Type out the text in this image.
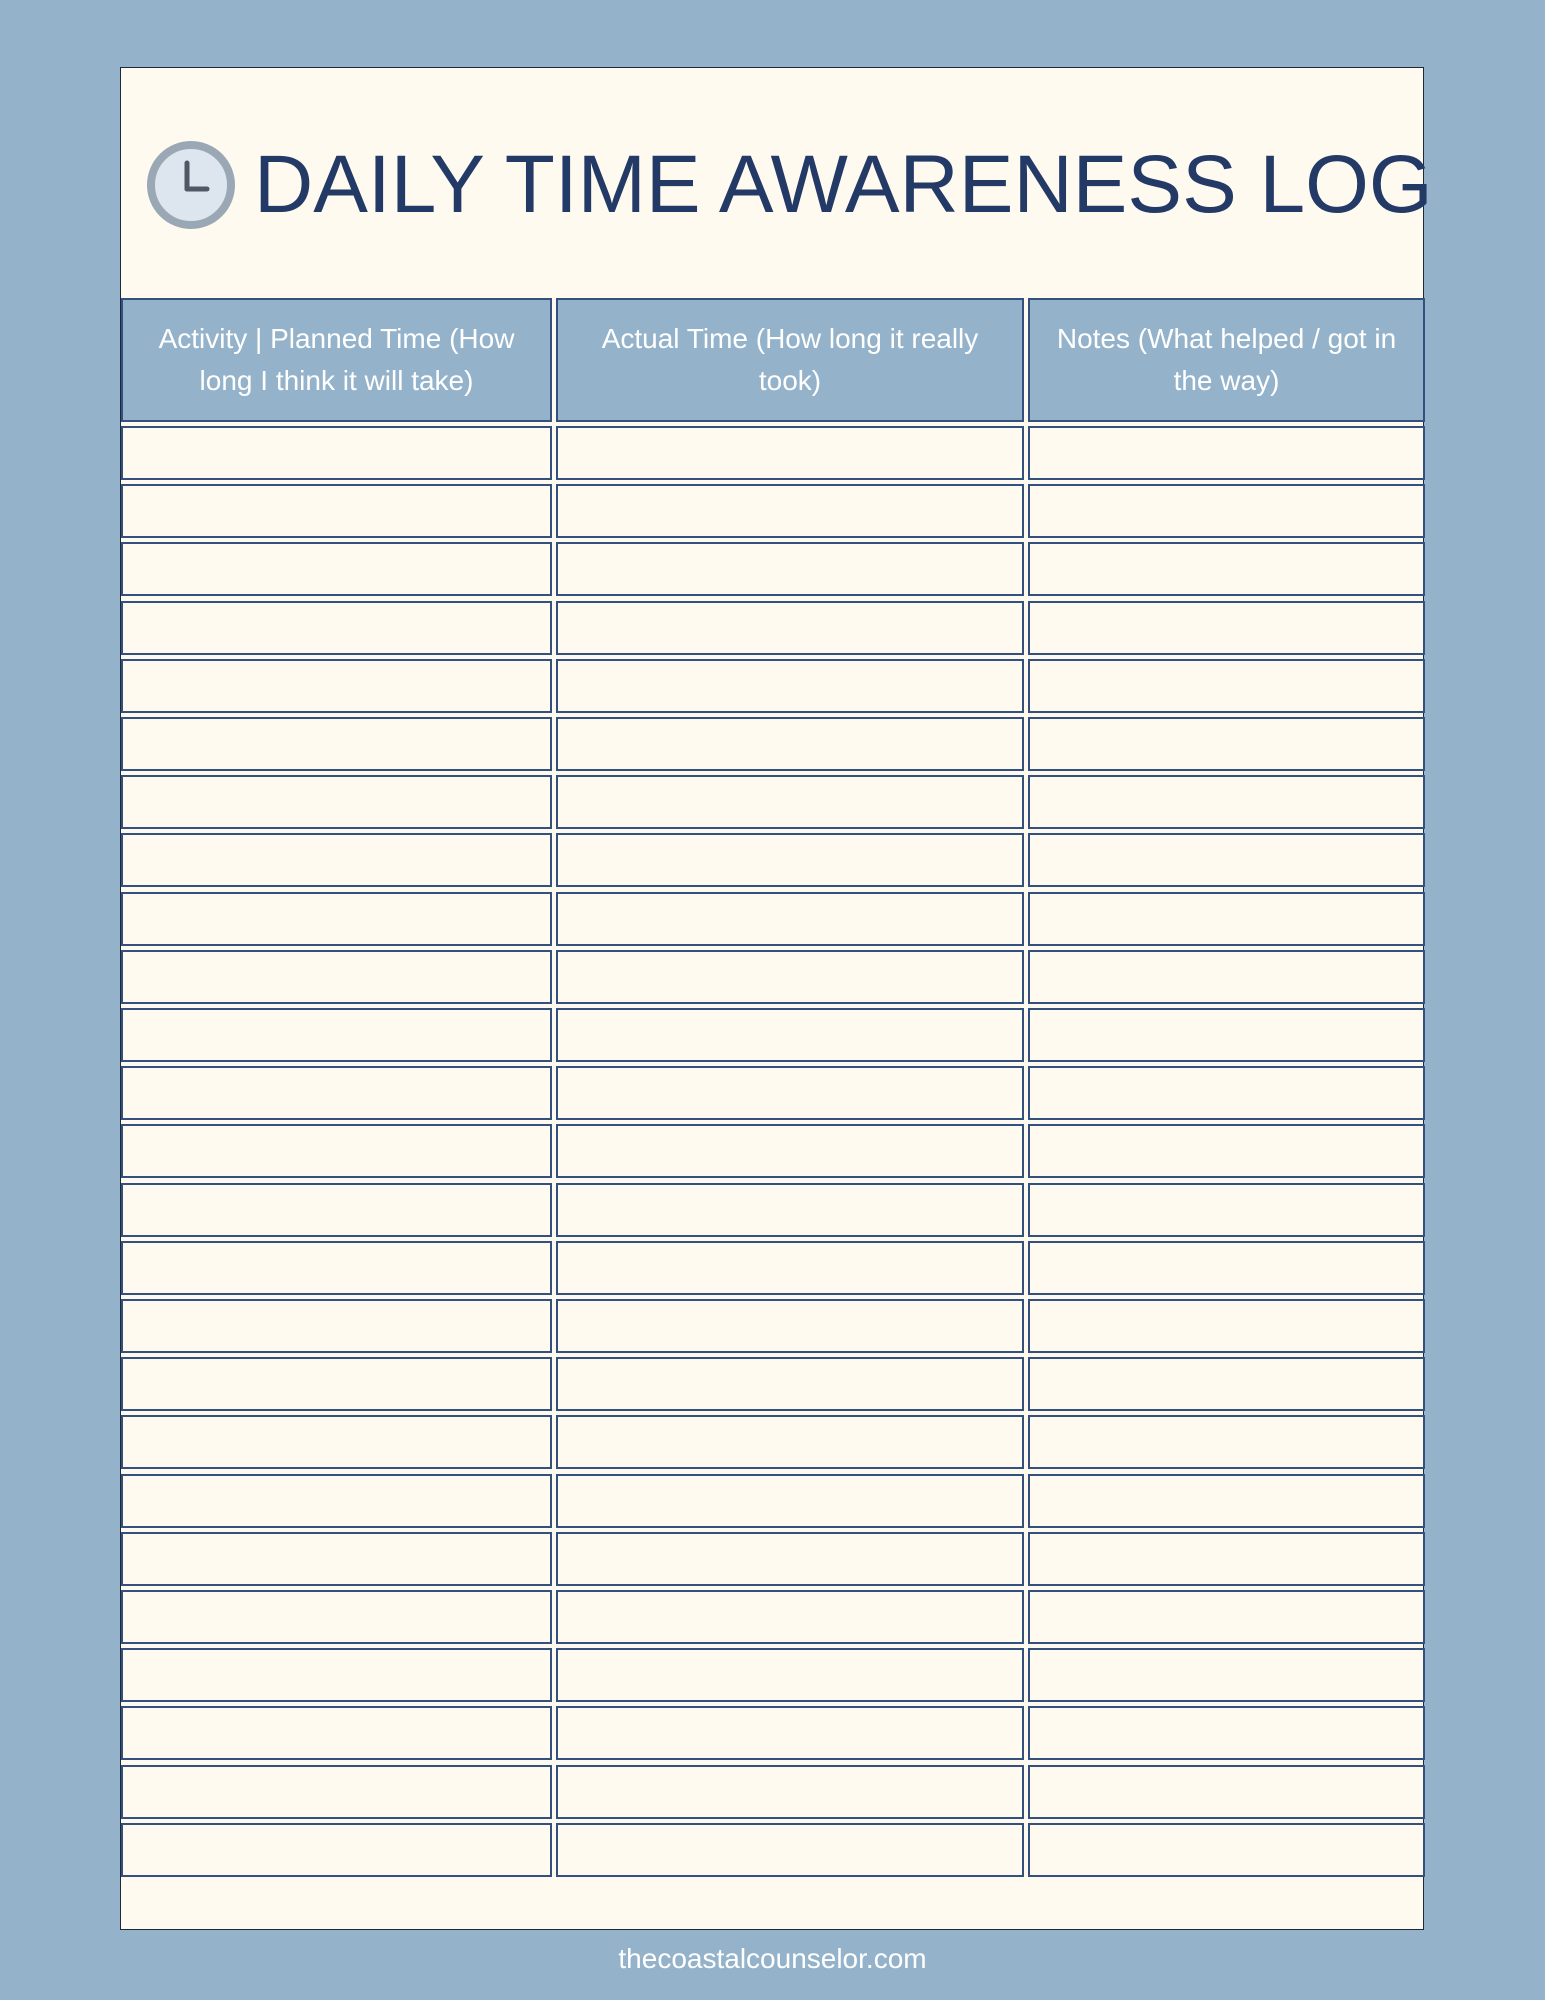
DAILY TIME AWARENESS LOG
Activity | Planned Time (How long I think it will take)
Actual Time (How long it really took)
Notes (What helped / got in the way)
thecoastalcounselor.com
